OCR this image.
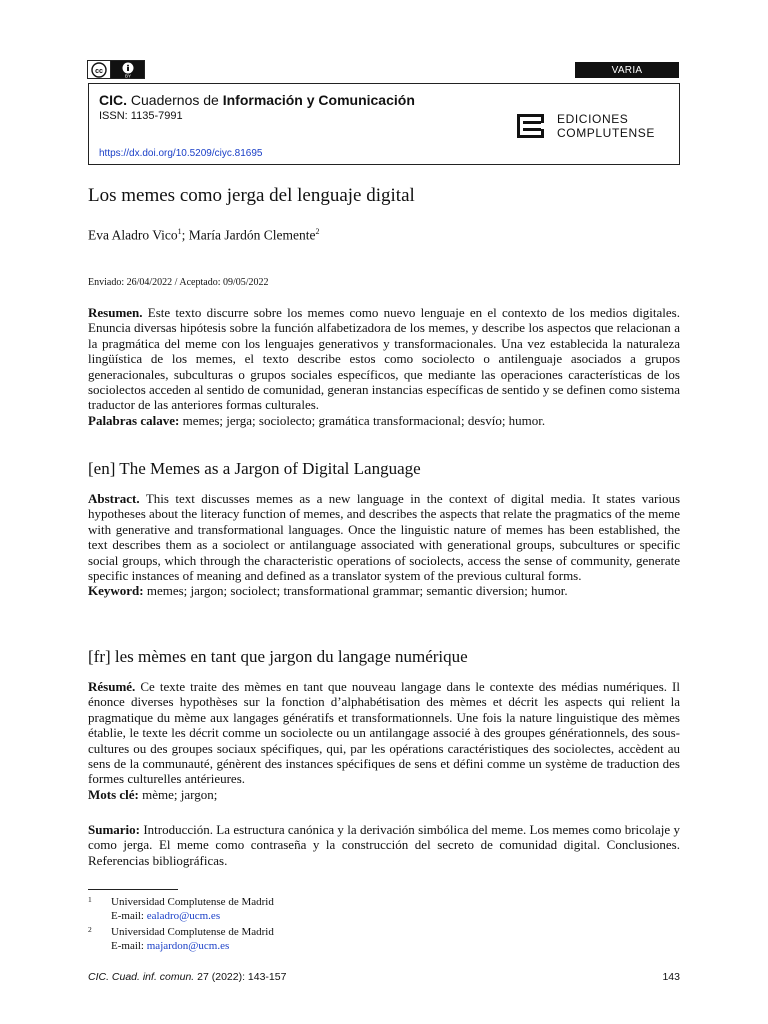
cc
BY
VARIA
CIC. Cuadernos de Información y Comunicación
ISSN: 1135-7991
https://dx.doi.org/10.5209/ciyc.81695
EDICIONES
COMPLUTENSE
Los memes como jerga del lenguaje digital
Eva Aladro Vico$^1$; María Jardón Clemente$^2$
Enviado: 26/04/2022 / Aceptado: 09/05/2022
Resumen. Este texto discurre sobre los memes como nuevo lenguaje en el contexto de los medios digitales. Enuncia diversas hipótesis sobre la función alfabetizadora de los memes, y describe los aspectos que relacionan a la pragmática del meme con los lenguajes generativos y transformacionales. Una vez establecida la naturaleza lingüística de los memes, el texto describe estos como sociolecto o antilenguaje asociados a grupos generacionales, subculturas o grupos sociales específicos, que mediante las operaciones características de los sociolectos acceden al sentido de comunidad, generan instancias específicas de sentido y se definen como sistema traductor de las anteriores formas culturales.
Palabras calave: memes; jerga; sociolecto; gramática transformacional; desvío; humor.
[en] The Memes as a Jargon of Digital Language
Abstract. This text discusses memes as a new language in the context of digital media. It states various hypotheses about the literacy function of memes, and describes the aspects that relate the pragmatics of the meme with generative and transformational languages. Once the linguistic nature of memes has been established, the text describes them as a sociolect or antilanguage associated with generational groups, subcultures or specific social groups, which through the characteristic operations of sociolects, access the sense of community, generate specific instances of meaning and defined as a translator system of the previous cultural forms.
Keyword: memes; jargon; sociolect; transformational grammar; semantic diversion; humor.
[fr] les mèmes en tant que jargon du langage numérique
Résumé. Ce texte traite des mèmes en tant que nouveau langage dans le contexte des médias numériques. Il énonce diverses hypothèses sur la fonction d’alphabétisation des mèmes et décrit les aspects qui relient la pragmatique du mème aux langages génératifs et transformationnels. Une fois la nature linguistique des mèmes établie, le texte les décrit comme un sociolecte ou un antilangage associé à des groupes générationnels, des sous-cultures ou des groupes sociaux spécifiques, qui, par les opérations caractéristiques des sociolectes, accèdent au sens de la communauté, génèrent des instances spécifiques de sens et défini comme un système de traduction des formes culturelles antérieures.
Mots clé: mème; jargon;
Sumario: Introducción. La estructura canónica y la derivación simbólica del meme. Los memes como bricolaje y como jerga. El meme como contraseña y la construcción del secreto de comunidad digital. Conclusiones. Referencias bibliográficas.
1 Universidad Complutense de Madrid
E-mail: ealadro@ucm.es
2 Universidad Complutense de Madrid
E-mail: majardon@ucm.es
CIC. Cuad. inf. comun. 27 (2022): 143-157	143
